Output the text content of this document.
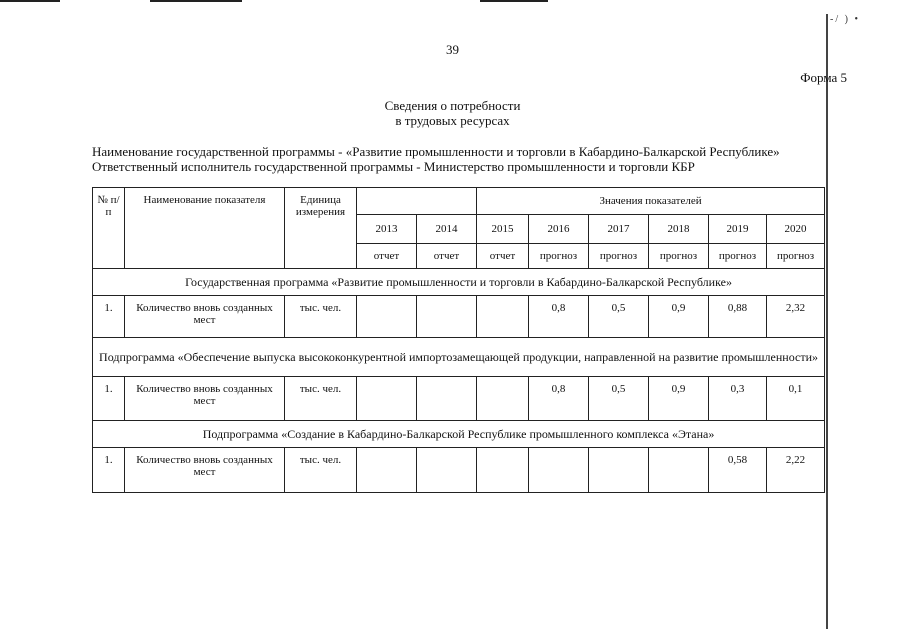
-/ ) •
39
Форма 5
Сведения о потребности
в трудовых ресурсах
Наименование государственной программы - «Развитие промышленности и торговли в Кабардино-Балкарской Республике»
Ответственный исполнитель государственной программы - Министерство промышленности и торговли КБР
№ п/п	Наименование показателя	Единица измерения			Значения показателей					
			2013	2014	2015	2016	2017	2018	2019	2020
			отчет	отчет	отчет	прогноз	прогноз	прогноз	прогноз	прогноз
Государственная программа «Развитие промышленности и торговли в Кабардино-Балкарской Республике»										
1.	Количество вновь созданных мест	тыс. чел.				0,8	0,5	0,9	0,88	2,32
Подпрограмма «Обеспечение выпуска высококонкурентной импортозамещающей продукции, направленной на развитие промышленности»										
1.	Количество вновь созданных мест	тыс. чел.				0,8	0,5	0,9	0,3	0,1
Подпрограмма «Создание в Кабардино-Балкарской Республике промышленного комплекса «Этана»										
1.	Количество вновь созданных мест	тыс. чел.							0,58	2,22
